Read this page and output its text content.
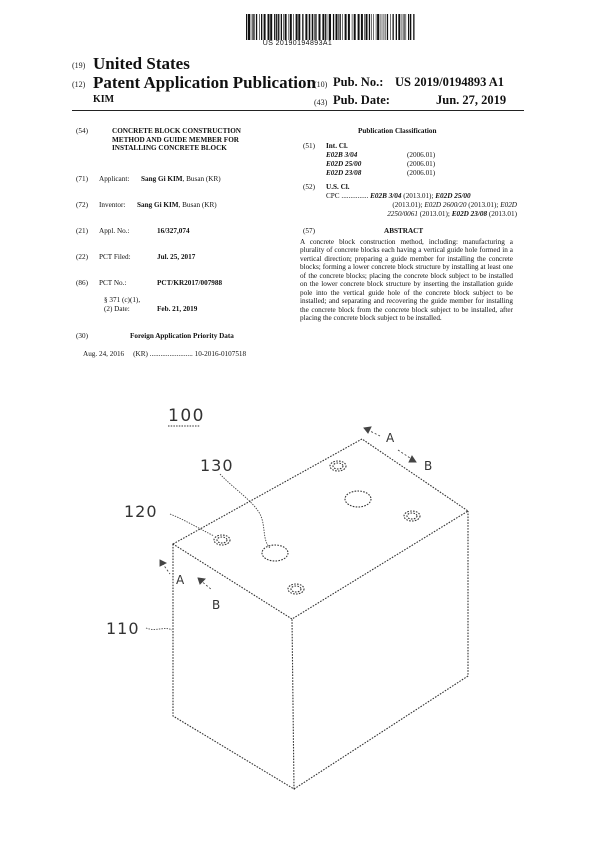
US 20190194893A1
(19) United States
(12) Patent Application Publication
KIM
(10) Pub. No.: US 2019/0194893 A1
(43) Pub. Date:	Jun. 27, 2019
(54)	CONCRETE BLOCK CONSTRUCTION
METHOD AND GUIDE MEMBER FOR
INSTALLING CONCRETE BLOCK
(71) Applicant: Sang Gi KIM, Busan (KR)
(72) Inventor: Sang Gi KIM, Busan (KR)
(21) Appl. No.:	16/327,074
(22) PCT Filed:	Jul. 25, 2017
(86) PCT No.:	PCT/KR2017/007988
§ 371 (c)(1),
(2) Date:	Feb. 21, 2019
(30)	Foreign Application Priority Data
Aug. 24, 2016     (KR) ........................ 10-2016-0107518
Publication Classification
(51) Int. Cl.
E02B 3/04	(2006.01)
E02D 25/00	(2006.01)
E02D 23/08	(2006.01)
(52) U.S. Cl.
CPC ............... E02B 3/04 (2013.01); E02D 25/00
(2013.01); E02D 2600/20 (2013.01); E02D
2250/0061 (2013.01); E02D 23/08 (2013.01)
(57)	ABSTRACT
A concrete block construction method, including: manufacturing a plurality of concrete blocks each having a vertical guide hole formed in a vertical direction; preparing a guide member for installing the concrete blocks; forming a lower concrete block structure by installing at least one of the concrete blocks; placing the concrete block subject to be installed on the lower concrete block structure by inserting the installation guide pole into the vertical guide hole of the concrete block subject to be installed; and separating and recovering the guide member for installing the concrete block from the concrete block subject to be installed, after placing the concrete block subject to be installed.
100
130
120
110
A
B
A
B
